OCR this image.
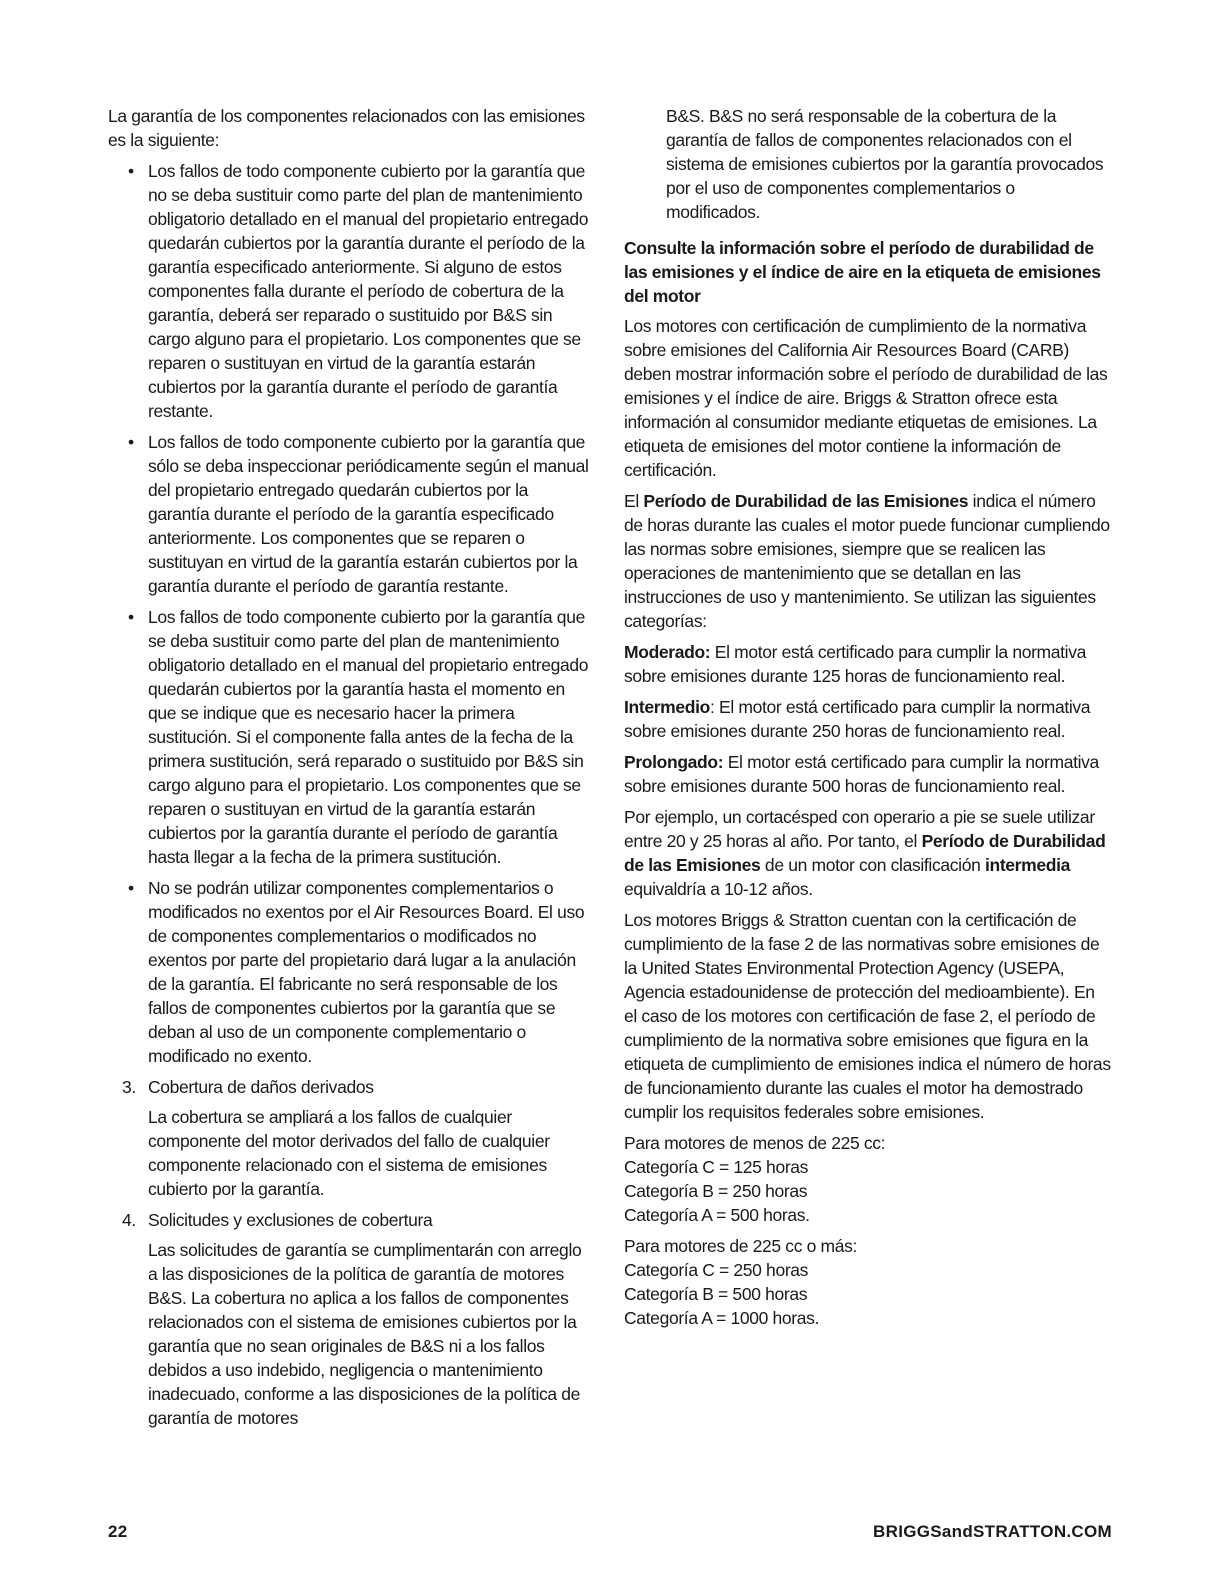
La garantía de los componentes relacionados con las emisiones es la siguiente:

• Los fallos de todo componente cubierto por la garantía que no se deba sustituir como parte del plan de mantenimiento obligatorio detallado en el manual del propietario entregado quedarán cubiertos por la garantía durante el período de la garantía especificado anteriormente. Si alguno de estos componentes falla durante el período de cobertura de la garantía, deberá ser reparado o sustituido por B&S sin cargo alguno para el propietario. Los componentes que se reparen o sustituyan en virtud de la garantía estarán cubiertos por la garantía durante el período de garantía restante.
• Los fallos de todo componente cubierto por la garantía que sólo se deba inspeccionar periódicamente según el manual del propietario entregado quedarán cubiertos por la garantía durante el período de la garantía especificado anteriormente. Los componentes que se reparen o sustituyan en virtud de la garantía estarán cubiertos por la garantía durante el período de garantía restante.
• Los fallos de todo componente cubierto por la garantía que se deba sustituir como parte del plan de mantenimiento obligatorio detallado en el manual del propietario entregado quedarán cubiertos por la garantía hasta el momento en que se indique que es necesario hacer la primera sustitución. Si el componente falla antes de la fecha de la primera sustitución, será reparado o sustituido por B&S sin cargo alguno para el propietario. Los componentes que se reparen o sustituyan en virtud de la garantía estarán cubiertos por la garantía durante el período de garantía hasta llegar a la fecha de la primera sustitución.
• No se podrán utilizar componentes complementarios o modificados no exentos por el Air Resources Board. El uso de componentes complementarios o modificados no exentos por parte del propietario dará lugar a la anulación de la garantía. El fabricante no será responsable de los fallos de componentes cubiertos por la garantía que se deban al uso de un componente complementario o modificado no exento.
3. Cobertura de daños derivados

La cobertura se ampliará a los fallos de cualquier componente del motor derivados del fallo de cualquier componente relacionado con el sistema de emisiones cubierto por la garantía.

4. Solicitudes y exclusiones de cobertura

Las solicitudes de garantía se cumplimentarán con arreglo a las disposiciones de la política de garantía de motores B&S. La cobertura no aplica a los fallos de componentes relacionados con el sistema de emisiones cubiertos por la garantía que no sean originales de B&S ni a los fallos debidos a uso indebido, negligencia o mantenimiento inadecuado, conforme a las disposiciones de la política de garantía de motores

B&S. B&S no será responsable de la cobertura de la garantía de fallos de componentes relacionados con el sistema de emisiones cubiertos por la garantía provocados por el uso de componentes complementarios o modificados.

Consulte la información sobre el período de durabilidad de las emisiones y el índice de aire en la etiqueta de emisiones del motor

Los motores con certificación de cumplimiento de la normativa sobre emisiones del California Air Resources Board (CARB) deben mostrar información sobre el período de durabilidad de las emisiones y el índice de aire. Briggs & Stratton ofrece esta información al consumidor mediante etiquetas de emisiones. La etiqueta de emisiones del motor contiene la información de certificación.

El Período de Durabilidad de las Emisiones indica el número de horas durante las cuales el motor puede funcionar cumpliendo las normas sobre emisiones, siempre que se realicen las operaciones de mantenimiento que se detallan en las instrucciones de uso y mantenimiento. Se utilizan las siguientes categorías:

Moderado: El motor está certificado para cumplir la normativa sobre emisiones durante 125 horas de funcionamiento real.

Intermedio: El motor está certificado para cumplir la normativa sobre emisiones durante 250 horas de funcionamiento real.

Prolongado: El motor está certificado para cumplir la normativa sobre emisiones durante 500 horas de funcionamiento real.

Por ejemplo, un cortacésped con operario a pie se suele utilizar entre 20 y 25 horas al año. Por tanto, el Período de Durabilidad de las Emisiones de un motor con clasificación intermedia equivaldría a 10-12 años.

Los motores Briggs & Stratton cuentan con la certificación de cumplimiento de la fase 2 de las normativas sobre emisiones de la United States Environmental Protection Agency (USEPA, Agencia estadounidense de protección del medioambiente). En el caso de los motores con certificación de fase 2, el período de cumplimiento de la normativa sobre emisiones que figura en la etiqueta de cumplimiento de emisiones indica el número de horas de funcionamiento durante las cuales el motor ha demostrado cumplir los requisitos federales sobre emisiones.

Para motores de menos de 225 cc:
Categoría C = 125 horas
Categoría B = 250 horas
Categoría A = 500 horas.
Para motores de 225 cc o más:
Categoría C = 250 horas
Categoría B = 500 horas
Categoría A = 1000 horas.
22	BRIGGSandSTRATTON.COM
